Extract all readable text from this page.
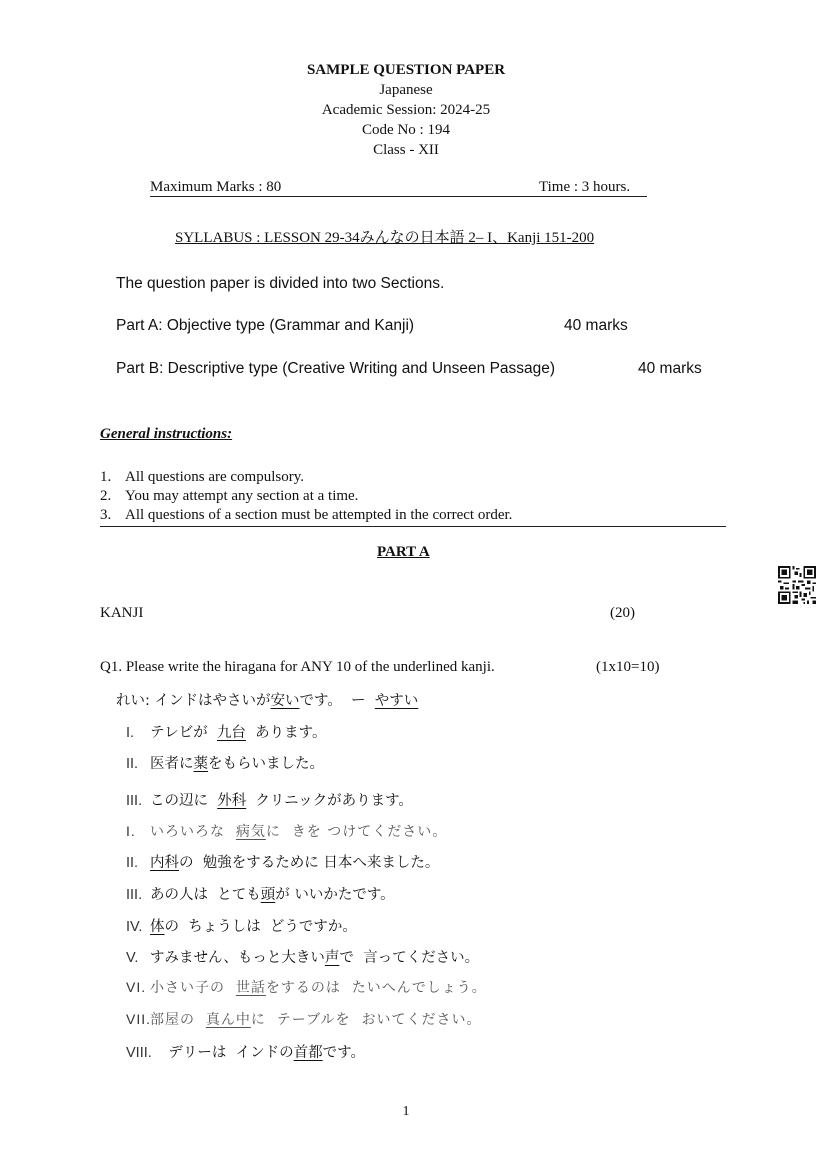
SAMPLE QUESTION PAPER
Japanese
Academic Session: 2024-25
Code No : 194
Class - XII
Maximum Marks : 80	Time : 3 hours.
SYLLABUS : LESSON 29-34みんなの日本語 2– I、Kanji 151-200
The question paper is divided into two Sections.
Part A: Objective type (Grammar and Kanji)	40 marks
Part B: Descriptive type (Creative Writing and Unseen Passage)	40 marks
General instructions:
1. All questions are compulsory.
2. You may attempt any section at a time.
3. All questions of a section must be attempted in the correct order.
PART A
KANJI	(20)
Q1. Please write the hiragana for ANY 10 of the underlined kanji.	(1x10=10)
れい: インドはやさいが安いです。  ー  やすい
I. テレビが  九台  あります。
II. 医者に薬をもらいました。
III. この辺に  外科  クリニックがあります。
I. いろいろな  病気に  きを つけてください。
II. 内科の  勉強をするために 日本へ来ました。
III. あの人は  とても頭が いいかたです。
IV. 体の  ちょうしは  どうですか。
V. すみません、もっと大きい声で  言ってください。
VI. 小さい子の  世話をするのは  たいへんでしょう。
VII.部屋の  真ん中に  テーブルを  おいてください。
VIII.    デリーは  インドの首都です。
1
